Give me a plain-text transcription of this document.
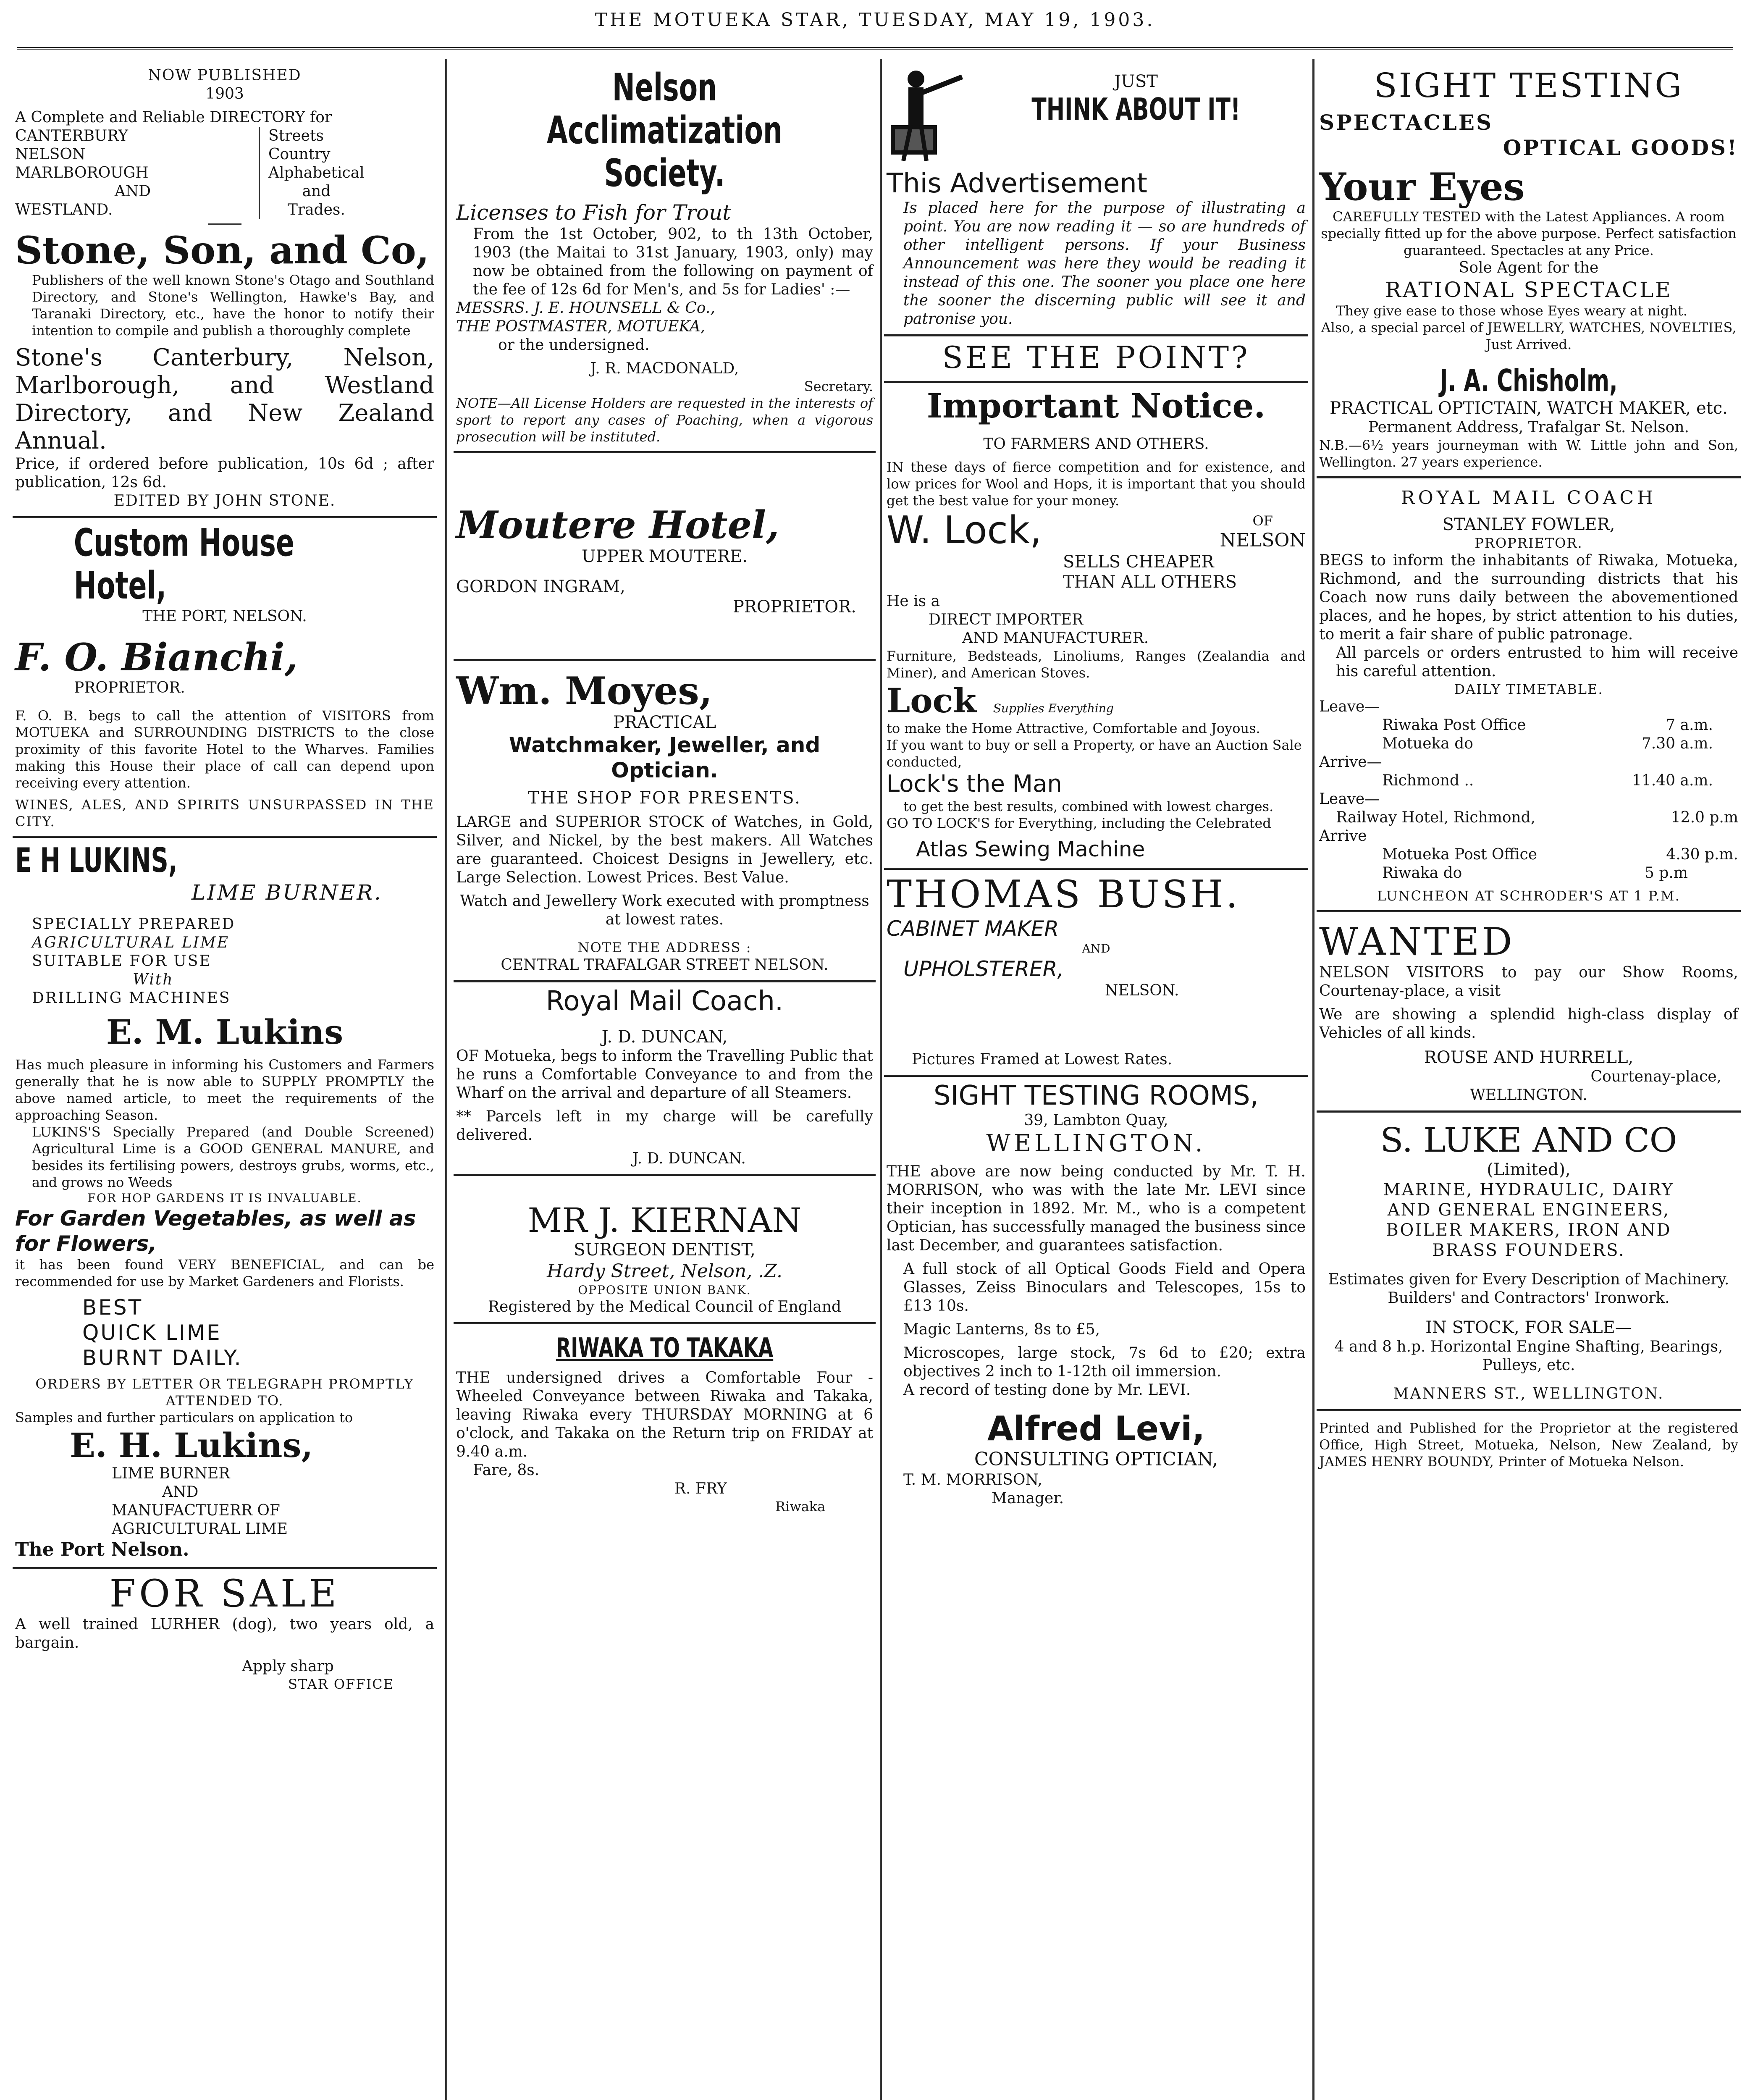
THE MOTUEKA STAR, TUESDAY, MAY 19, 1903.

NOW PUBLISHED

1903

A Complete and Reliable DIRECTORY for

CANTERBURY

NELSON

MARLBOROUGH

AND

WESTLAND.

Streets

Country

Alphabetical

and

Trades.

Stone, Son, and Co,

Publishers of the well known Stone's Otago and Southland Directory, and Stone's Wellington, Hawke's Bay, and Taranaki Directory, etc., have the honor to notify their intention to compile and publish a thoroughly complete

Stone's Canterbury, Nelson, Marlborough, and Westland Directory, and New Zealand Annual.

Price, if ordered before publication, 10s 6d ; after publication, 12s 6d.

EDITED BY JOHN STONE.

Custom House Hotel,

THE PORT, NELSON.

F. O. Bianchi,

PROPRIETOR.

F. O. B. begs to call the attention of VISITORS from MOTUEKA and SURROUNDING DISTRICTS to the close proximity of this favorite Hotel to the Wharves. Families making this House their place of call can depend upon receiving every attention.

WINES, ALES, AND SPIRITS UNSURPASSED IN THE CITY.

E H LUKINS,

LIME BURNER.

SPECIALLY PREPARED

AGRICULTURAL LIME

SUITABLE FOR USE

With

DRILLING MACHINES

E. M. Lukins

Has much pleasure in informing his Customers and Farmers generally that he is now able to SUPPLY PROMPTLY the above named article, to meet the requirements of the approaching Season.

LUKINS'S Specially Prepared (and Double Screened) Agricultural Lime is a GOOD GENERAL MANURE, and besides its fertilising powers, destroys grubs, worms, etc., and grows no Weeds

FOR HOP GARDENS IT IS INVALUABLE.

For Garden Vegetables, as well as for Flowers,

it has been found VERY BENEFICIAL, and can be recommended for use by Market Gardeners and Florists.

BEST

QUICK LIME

BURNT DAILY.

ORDERS BY LETTER OR TELEGRAPH PROMPTLY ATTENDED TO.

Samples and further particulars on application to

E. H. Lukins,

LIME BURNER

AND

MANUFACTUERR OF

AGRICULTURAL LIME

The Port Nelson.

FOR SALE

A well trained LURHER (dog), two years old, a bargain.

Apply sharp

STAR OFFICE

Nelson Acclimatization Society.

Licenses to Fish for Trout

From the 1st October, 902, to th 13th October, 1903 (the Maitai to 31st January, 1903, only) may now be obtained from the following on payment of the fee of 12s 6d for Men's, and 5s for Ladies' :—

MESSRS. J. E. HOUNSELL & Co.,

THE POSTMASTER, MOTUEKA,

or the undersigned.

J. R. MACDONALD,

Secretary.

NOTE—All License Holders are requested in the interests of sport to report any cases of Poaching, when a vigorous prosecution will be instituted.

Moutere Hotel,

UPPER MOUTERE.

GORDON INGRAM,

PROPRIETOR.

Wm. Moyes,

PRACTICAL

Watchmaker, Jeweller, and Optician.

THE SHOP FOR PRESENTS.

LARGE and SUPERIOR STOCK of Watches, in Gold, Silver, and Nickel, by the best makers. All Watches are guaranteed. Choicest Designs in Jewellery, etc. Large Selection. Lowest Prices. Best Value.

Watch and Jewellery Work executed with promptness at lowest rates.

NOTE THE ADDRESS :

CENTRAL TRAFALGAR STREET NELSON.

Royal Mail Coach.

J. D. DUNCAN,

OF Motueka, begs to inform the Travelling Public that he runs a Comfortable Conveyance to and from the Wharf on the arrival and departure of all Steamers.

** Parcels left in my charge will be carefully delivered.

J. D. DUNCAN.

MR J. KIERNAN

SURGEON DENTIST,

Hardy Street, Nelson, .Z.

OPPOSITE UNION BANK.

Registered by the Medical Council of England

RIWAKA TO TAKAKA

THE undersigned drives a Comfortable Four - Wheeled Conveyance between Riwaka and Takaka, leaving Riwaka every THURSDAY MORNING at 6 o'clock, and Takaka on the Return trip on FRIDAY at 9.40 a.m.

Fare, 8s.

R. FRY

Riwaka

JUST

THINK ABOUT IT!

This Advertisement

Is placed here for the purpose of illustrating a point. You are now reading it — so are hundreds of other intelligent persons. If your Business Announcement was here they would be reading it instead of this one. The sooner you place one here the sooner the discerning public will see it and patronise you.

SEE THE POINT?

Important Notice.

TO FARMERS AND OTHERS.

IN these days of fierce competition and for existence, and low prices for Wool and Hops, it is important that you should get the best value for your money.

W. Lock,	OF

NELSON

SELLS CHEAPER

THAN ALL OTHERS

He is a

DIRECT IMPORTER

AND MANUFACTURER.

Furniture, Bedsteads, Linoliums, Ranges (Zealandia and Miner), and American Stoves.

Lock Supplies Everything

to make the Home Attractive, Comfortable and Joyous.

If you want to buy or sell a Property, or have an Auction Sale conducted,

Lock's the Man

to get the best results, combined with lowest charges.

GO TO LOCK'S for Everything, including the Celebrated

Atlas Sewing Machine

THOMAS BUSH.

CABINET MAKER

AND

UPHOLSTERER,

NELSON.

Pictures Framed at Lowest Rates.

SIGHT TESTING ROOMS,

39, Lambton Quay,

WELLINGTON.

THE above are now being conducted by Mr. T. H. MORRISON, who was with the late Mr. LEVI since their inception in 1892. Mr. M., who is a competent Optician, has successfully managed the business since last December, and guarantees satisfaction.

A full stock of all Optical Goods Field and Opera Glasses, Zeiss Binoculars and Telescopes, 15s to £13 10s.

Magic Lanterns, 8s to £5,

Microscopes, large stock, 7s 6d to £20; extra objectives 2 inch to 1-12th oil immersion.

A record of testing done by Mr. LEVI.

Alfred Levi,

CONSULTING OPTICIAN,

T. M. MORRISON,

Manager.

SIGHT TESTING

SPECTACLES

OPTICAL GOODS!

Your Eyes

CAREFULLY TESTED with the Latest Appliances. A room specially fitted up for the above purpose. Perfect satisfaction guaranteed. Spectacles at any Price.

Sole Agent for the

RATIONAL SPECTACLE

They give ease to those whose Eyes weary at night.

Also, a special parcel of JEWELLRY, WATCHES, NOVELTIES, Just Arrived.

J. A. Chisholm,

PRACTICAL OPTICTAIN, WATCH MAKER, etc.

Permanent Address, Trafalgar St. Nelson.

N.B.—6½ years journeyman with W. Little john and Son, Wellington. 27 years experience.

ROYAL MAIL COACH

STANLEY FOWLER,

PROPRIETOR.

BEGS to inform the inhabitants of Riwaka, Motueka, Richmond, and the surrounding districts that his Coach now runs daily between the abovementioned places, and he hopes, by strict attention to his duties, to merit a fair share of public patronage.

All parcels or orders entrusted to him will receive his careful attention.

DAILY TIMETABLE.

Leave—
Riwaka Post Office	7 a.m.
Motueka do	7.30 a.m.
Arrive—
Richmond ..	11.40 a.m.
Leave—
Railway Hotel, Richmond,	12.0 p.m
Arrive
Motueka Post Office	4.30 p.m.
Riwaka do	5 p.m

LUNCHEON AT SCHRODER'S AT 1 P.M.

WANTED

NELSON VISITORS to pay our Show Rooms, Courtenay-place, a visit

We are showing a splendid high-class display of Vehicles of all kinds.

ROUSE AND HURRELL,

Courtenay-place,

WELLINGTON.

S. LUKE AND CO

(Limited),

MARINE, HYDRAULIC, DAIRY

AND GENERAL ENGINEERS,

BOILER MAKERS, IRON AND

BRASS FOUNDERS.

Estimates given for Every Description of Machinery.

Builders' and Contractors' Ironwork.

IN STOCK, FOR SALE—

4 and 8 h.p. Horizontal Engine Shafting, Bearings, Pulleys, etc.

MANNERS ST., WELLINGTON.

Printed and Published for the Proprietor at the registered Office, High Street, Motueka, Nelson, New Zealand, by JAMES HENRY BOUNDY, Printer of Motueka Nelson.
